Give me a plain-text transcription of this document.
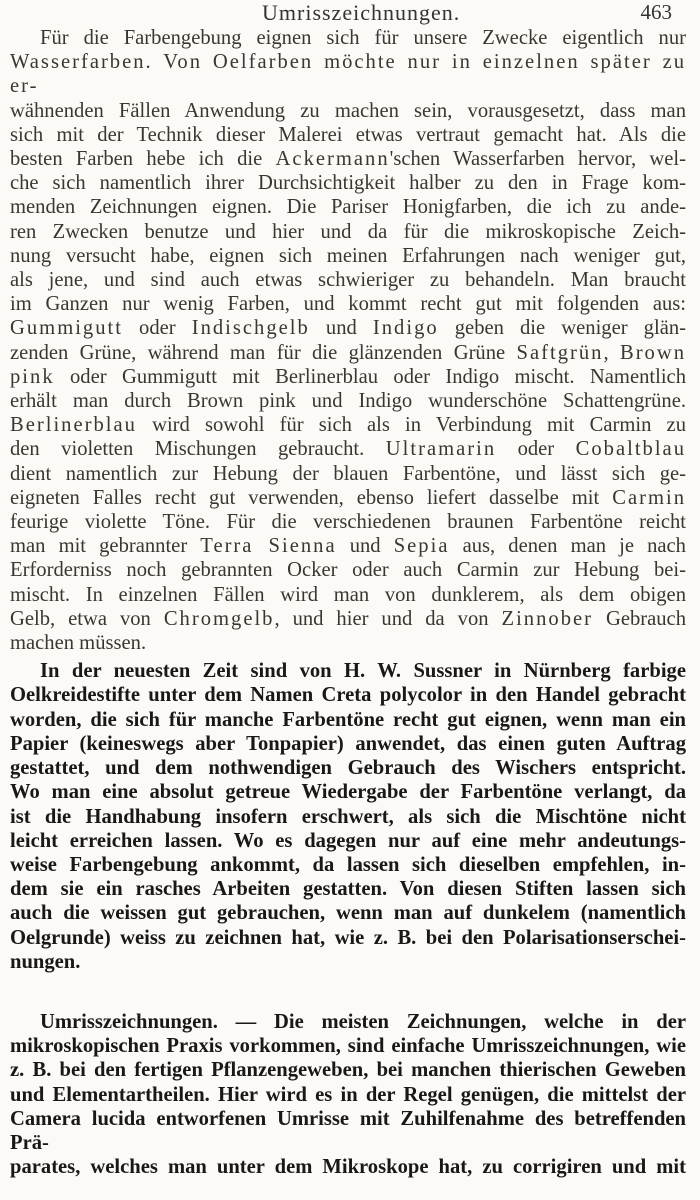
Umrisszeichnungen.	463

Für die Farbengebung eignen sich für unsere Zwecke eigentlich nur

Wasserfarben. Von Oelfarben möchte nur in einzelnen später zu er-

wähnenden Fällen Anwendung zu machen sein, vorausgesetzt, dass man

sich mit der Technik dieser Malerei etwas vertraut gemacht hat. Als die

besten Farben hebe ich die Ackermann'schen Wasserfarben hervor, wel-

che sich namentlich ihrer Durchsichtigkeit halber zu den in Frage kom-

menden Zeichnungen eignen. Die Pariser Honigfarben, die ich zu ande-

ren Zwecken benutze und hier und da für die mikroskopische Zeich-

nung versucht habe, eignen sich meinen Erfahrungen nach weniger gut,

als jene, und sind auch etwas schwieriger zu behandeln. Man braucht

im Ganzen nur wenig Farben, und kommt recht gut mit folgenden aus:

Gummigutt oder Indischgelb und Indigo geben die weniger glän-

zenden Grüne, während man für die glänzenden Grüne Saftgrün, Brown

pink oder Gummigutt mit Berlinerblau oder Indigo mischt. Namentlich

erhält man durch Brown pink und Indigo wunderschöne Schattengrüne.

Berlinerblau wird sowohl für sich als in Verbindung mit Carmin zu

den violetten Mischungen gebraucht. Ultramarin oder Cobaltblau

dient namentlich zur Hebung der blauen Farbentöne, und lässt sich ge-

eigneten Falles recht gut verwenden, ebenso liefert dasselbe mit Carmin

feurige violette Töne. Für die verschiedenen braunen Farbentöne reicht

man mit gebrannter Terra Sienna und Sepia aus, denen man je nach

Erforderniss noch gebrannten Ocker oder auch Carmin zur Hebung bei-

mischt. In einzelnen Fällen wird man von dunklerem, als dem obigen

Gelb, etwa von Chromgelb, und hier und da von Zinnober Gebrauch

machen müssen.

In der neuesten Zeit sind von H. W. Sussner in Nürnberg farbige

Oelkreidestifte unter dem Namen Creta polycolor in den Handel gebracht

worden, die sich für manche Farbentöne recht gut eignen, wenn man ein

Papier (keineswegs aber Tonpapier) anwendet, das einen guten Auftrag

gestattet, und dem nothwendigen Gebrauch des Wischers entspricht.

Wo man eine absolut getreue Wiedergabe der Farbentöne verlangt, da

ist die Handhabung insofern erschwert, als sich die Mischtöne nicht

leicht erreichen lassen. Wo es dagegen nur auf eine mehr andeutungs-

weise Farbengebung ankommt, da lassen sich dieselben empfehlen, in-

dem sie ein rasches Arbeiten gestatten. Von diesen Stiften lassen sich

auch die weissen gut gebrauchen, wenn man auf dunkelem (namentlich

Oelgrunde) weiss zu zeichnen hat, wie z. B. bei den Polarisationserschei-

nungen.

Umrisszeichnungen. — Die meisten Zeichnungen, welche in der

mikroskopischen Praxis vorkommen, sind einfache Umrisszeichnungen, wie

z. B. bei den fertigen Pflanzengeweben, bei manchen thierischen Geweben

und Elementartheilen. Hier wird es in der Regel genügen, die mittelst der

Camera lucida entworfenen Umrisse mit Zuhilfenahme des betreffenden Prä-

parates, welches man unter dem Mikroskope hat, zu corrigiren und mit
